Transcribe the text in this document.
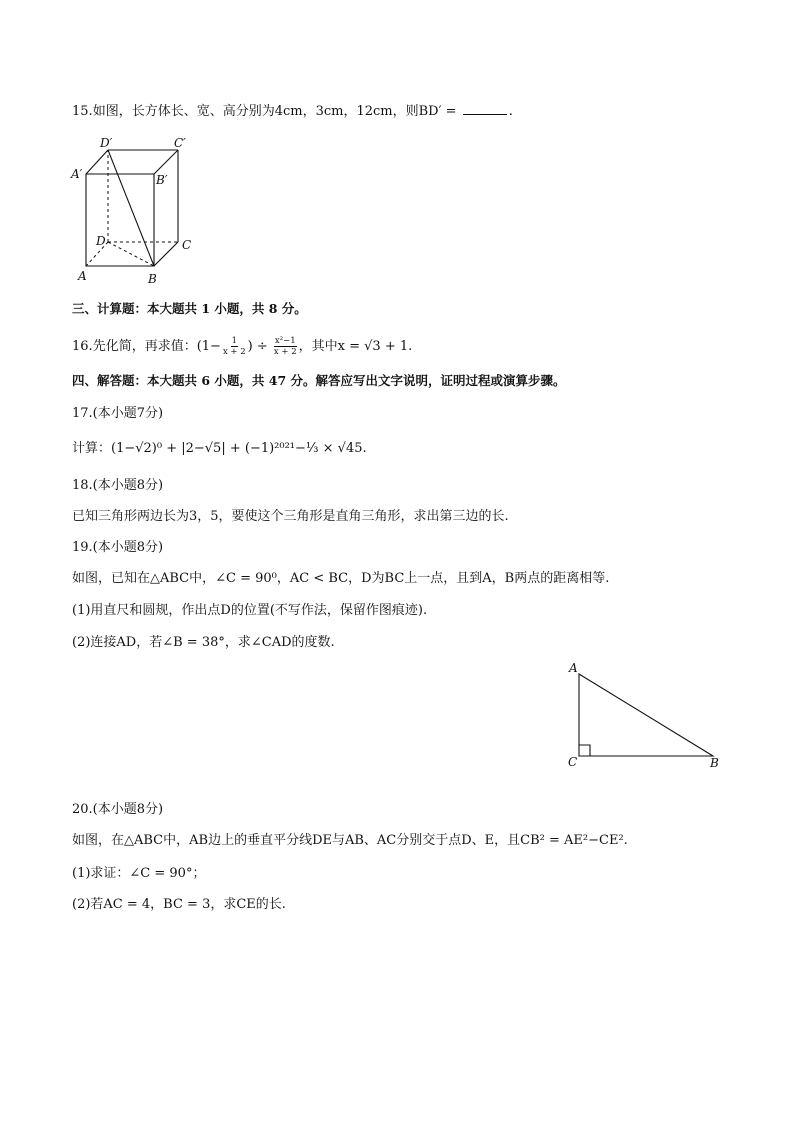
15.如图，长方体长、宽、高分别为4cm，3cm，12cm，则BD′ =	.
D′	C′
A′	B′
D	C
A	B
三、计算题：本大题共 1 小题，共 8 分。
16.先化简，再求值：($1- \frac{1}{x + 2}$ ) ÷ $\frac{\text{x²−1}}{x + 2}$ ，其中x = √3 + 1.
四、解答题：本大题共 6 小题，共 47 分。解答应写出文字说明，证明过程或演算步骤。
17.(本小题7分)
计算：(1−√2)⁰ + |2−√5| + (−1)²⁰²¹−⅓ × √45.
18.(本小题8分)
已知三角形两边长为3，5，要使这个三角形是直角三角形，求出第三边的长.
19.(本小题8分)
如图，已知在△ABC中，∠C = 90⁰，AC < BC，D为BC上一点，且到A，B两点的距离相等.
(1)用直尺和圆规，作出点D的位置(不写作法，保留作图痕迹).
(2)连接AD，若∠B = 38°，求∠CAD的度数.
A
C	B
20.(本小题8分)
如图，在△ABC中，AB边上的垂直平分线DE与AB、AC分别交于点D、E，且CB² = AE²−CE².
(1)求证：∠C = 90°；
(2)若AC = 4，BC = 3，求CE的长.
